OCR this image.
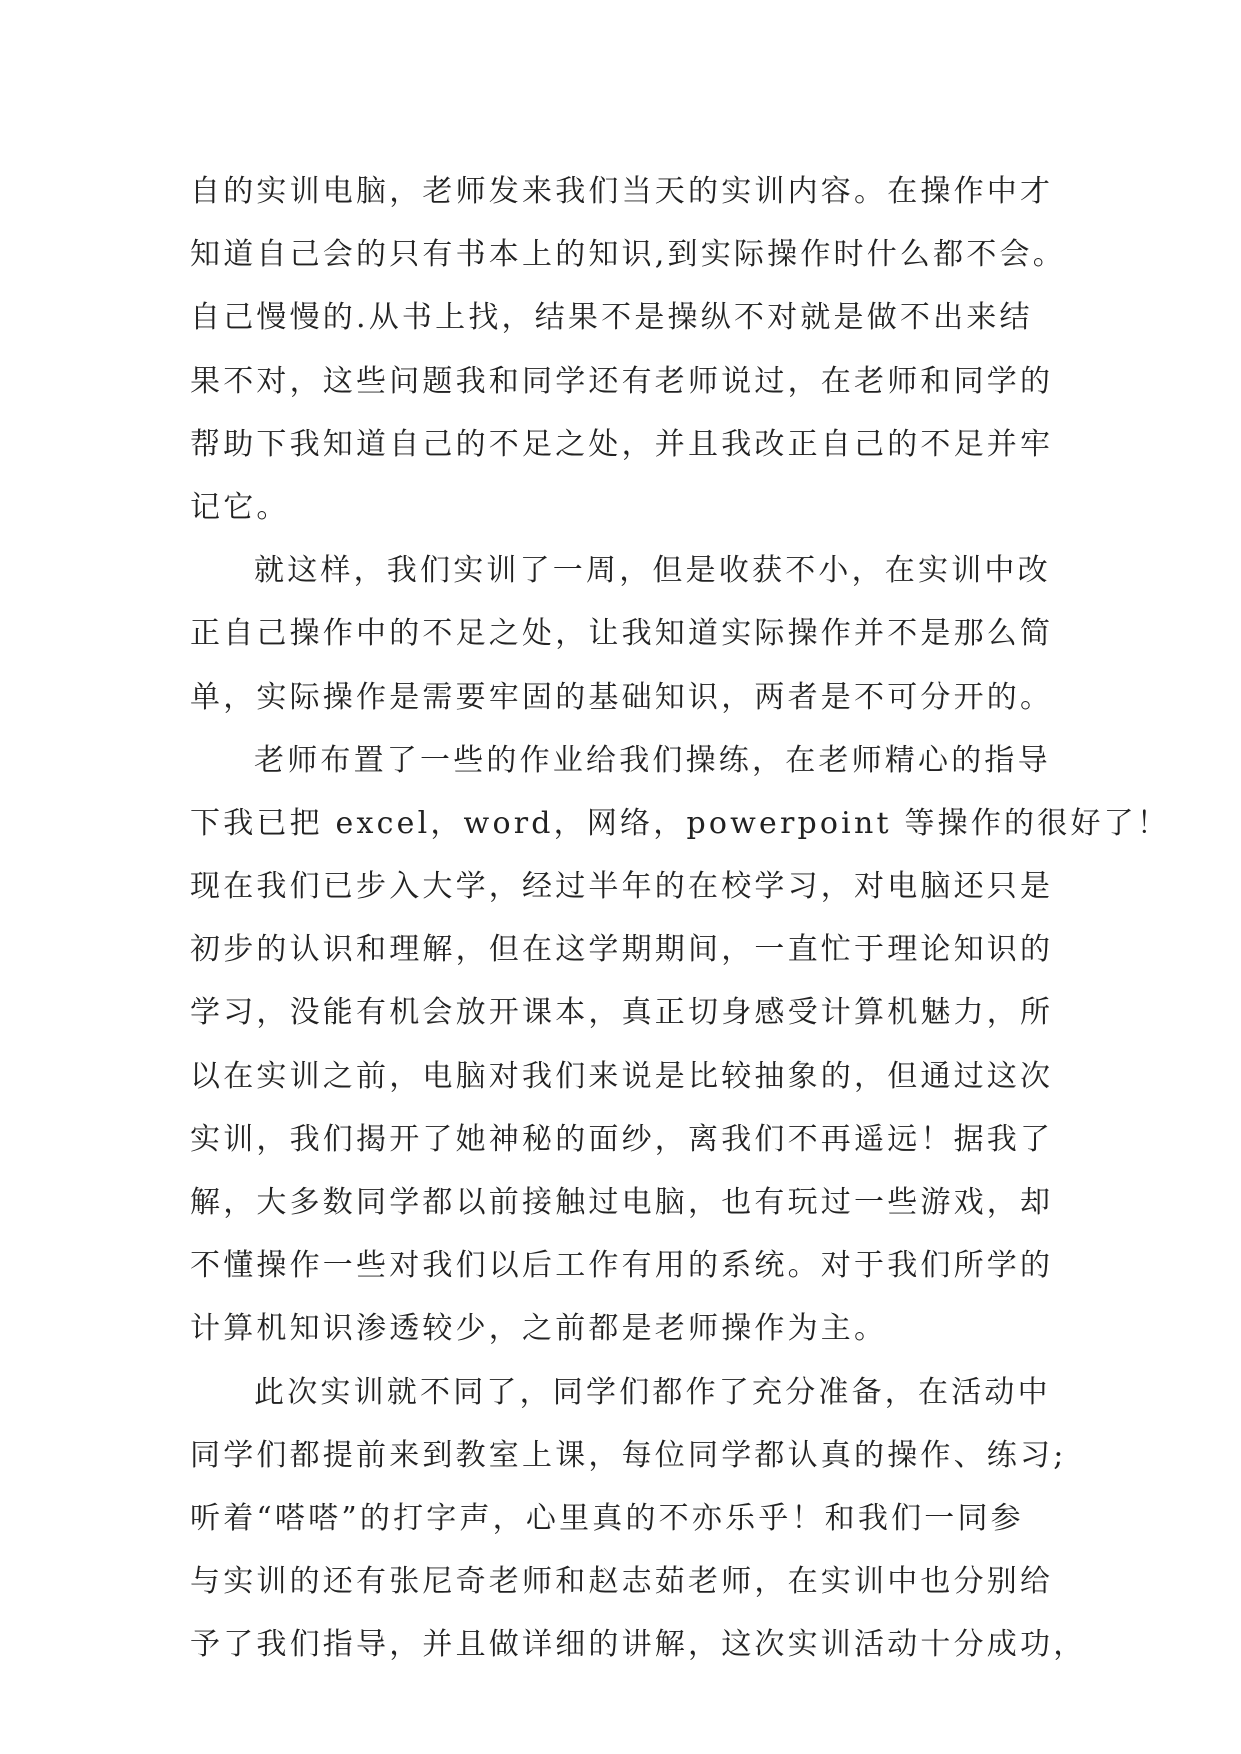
自的实训电脑，老师发来我们当天的实训内容。在操作中才
知道自己会的只有书本上的知识,到实际操作时什么都不会。
自己慢慢的.从书上找，结果不是操纵不对就是做不出来结
果不对，这些问题我和同学还有老师说过，在老师和同学的
帮助下我知道自己的不足之处，并且我改正自己的不足并牢
记它。
就这样，我们实训了一周，但是收获不小，在实训中改
正自己操作中的不足之处，让我知道实际操作并不是那么简
单，实际操作是需要牢固的基础知识，两者是不可分开的。
老师布置了一些的作业给我们操练，在老师精心的指导
下我已把 excel，word，网络，powerpoint 等操作的很好了！
现在我们已步入大学，经过半年的在校学习，对电脑还只是
初步的认识和理解，但在这学期期间，一直忙于理论知识的
学习，没能有机会放开课本，真正切身感受计算机魅力，所
以在实训之前，电脑对我们来说是比较抽象的，但通过这次
实训，我们揭开了她神秘的面纱，离我们不再遥远！据我了
解，大多数同学都以前接触过电脑，也有玩过一些游戏，却
不懂操作一些对我们以后工作有用的系统。对于我们所学的
计算机知识渗透较少，之前都是老师操作为主。
此次实训就不同了，同学们都作了充分准备，在活动中
同学们都提前来到教室上课，每位同学都认真的操作、练习;
听着“嗒嗒”的打字声，心里真的不亦乐乎！和我们一同参
与实训的还有张尼奇老师和赵志茹老师，在实训中也分别给
予了我们指导，并且做详细的讲解，这次实训活动十分成功，
